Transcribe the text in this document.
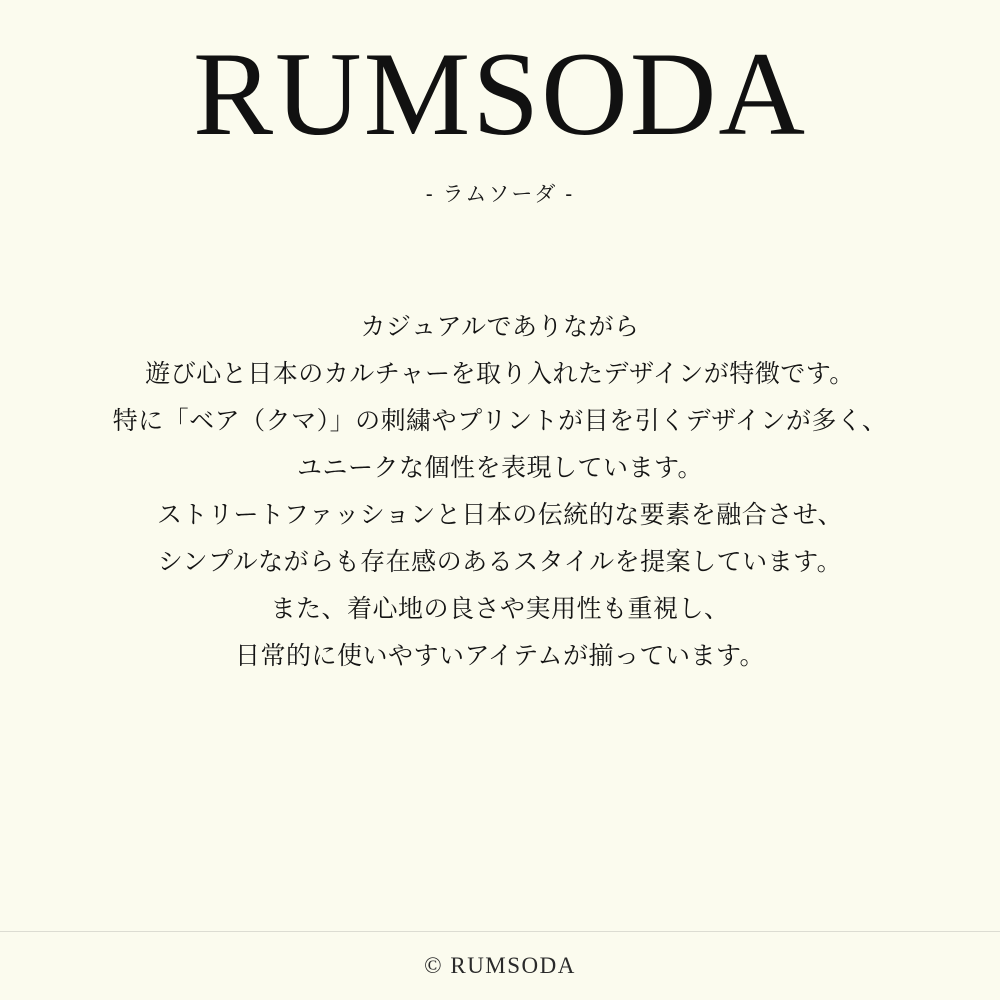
RUMSODA
- ラムソーダ -
カジュアルでありながら
遊び心と日本のカルチャーを取り入れたデザインが特徴です。
特に「ベア（クマ）」の刺繍やプリントが目を引くデザインが多く、
ユニークな個性を表現しています。
ストリートファッションと日本の伝統的な要素を融合させ、
シンプルながらも存在感のあるスタイルを提案しています。
また、着心地の良さや実用性も重視し、
日常的に使いやすいアイテムが揃っています。
© RUMSODA
